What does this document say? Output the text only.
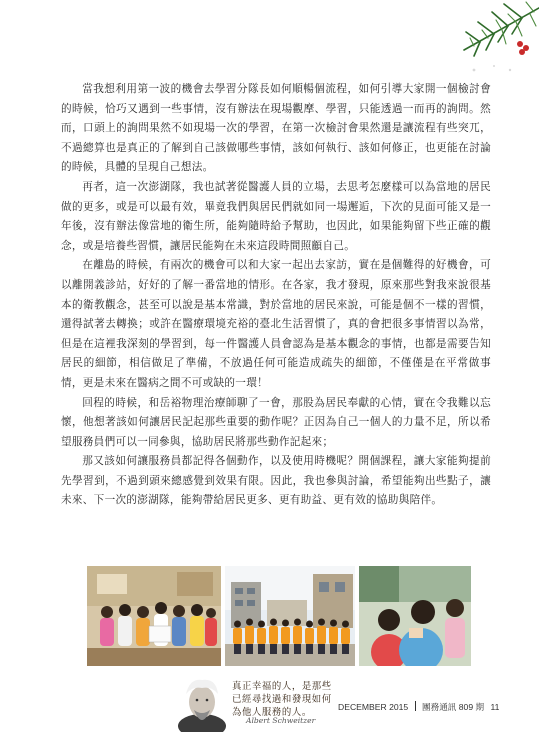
當我想利用第一波的機會去學習分隊長如何順暢個流程，如何引導大家開一個檢討會的時候，恰巧又遇到一些事情，沒有辦法在現場觀摩、學習，只能透過一而再的詢問。然而，口頭上的詢問果然不如現場一次的學習，在第一次檢討會果然還是讓流程有些突兀，不過總算也是真正的了解到自己該做哪些事情，該如何執行、該如何修正，也更能在討論的時候，具體的呈現自己想法。

再者，這一次澎湖隊，我也試著從醫護人員的立場，去思考怎麼樣可以為當地的居民做的更多，或是可以最有效，畢竟我們與居民們就如同一場邂逅，下次的見面可能又是一年後，沒有辦法像當地的衛生所，能夠隨時給予幫助，也因此，如果能夠留下些正確的觀念，或是培養些習慣，讓居民能夠在未來這段時間照顧自己。

在離島的時候，有兩次的機會可以和大家一起出去家訪，實在是個難得的好機會，可以離開義診站，好好的了解一番當地的情形。在各家，我才發現，原來那些對我來說很基本的衛教觀念，甚至可以說是基本常識，對於當地的居民來說，可能是個不一樣的習慣，還得試著去轉換；或許在醫療環境充裕的臺北生活習慣了，真的會把很多事情習以為常，但是在這裡我深刻的學習到，每一件醫護人員會認為是基本觀念的事情，也都是需要告知居民的細節，相信做足了準備，不放過任何可能造成疏失的細節，不僅僅是在平常做事情，更是未來在醫病之間不可或缺的一環！

回程的時候，和岳裕物理治療師聊了一會，那股為居民奉獻的心情，實在令我難以忘懷，他想著該如何讓居民記起那些重要的動作呢？正因為自己一個人的力量不足，所以希望服務員們可以一同參與，協助居民將那些動作記起來；

那又該如何讓服務員都記得各個動作，以及使用時機呢？開個課程，讓大家能夠提前先學習到，不過到頭來總感覺到效果有限。因此，我也參與討論，希望能夠出些點子，讓未來、下一次的澎湖隊，能夠帶給居民更多、更有助益、更有效的協助與陪伴。

真正幸福的人，是那些
已經尋找過和發現如何
為他人服務的人。
Albert Schweitzer
DECEMBER 2015 團務通訊 809 期 11
